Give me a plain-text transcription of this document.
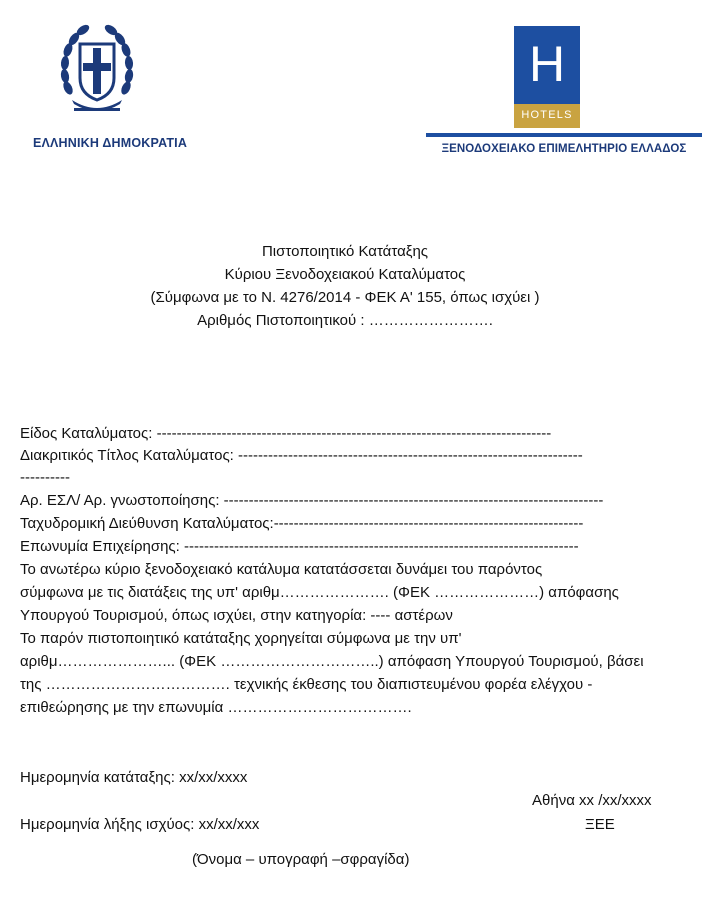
ΕΛΛΗΝΙΚΗ ΔΗΜΟΚΡΑΤΙΑ
H
HOTELS
ΞΕΝΟΔΟΧΕΙΑΚΟ ΕΠΙΜΕΛΗΤΗΡΙΟ ΕΛΛΑΔΟΣ
Πιστοποιητικό Κατάταξης
Κύριου Ξενοδοχειακού Καταλύματος
(Σύμφωνα με το Ν. 4276/2014 - ΦΕΚ Α' 155, όπως ισχύει )
Αριθμός Πιστοποιητικού : …………………….
Είδος Καταλύματος: -------------------------------------------------------------------------------
Διακριτικός Τίτλος Καταλύματος: ---------------------------------------------------------------------
----------
Αρ. ΕΣΛ/ Αρ. γνωστοποίησης: ----------------------------------------------------------------------------
Ταχυδρομική Διεύθυνση Καταλύματος:--------------------------------------------------------------
Επωνυμία Επιχείρησης: -------------------------------------------------------------------------------
Το ανωτέρω κύριο ξενοδοχειακό κατάλυμα κατατάσσεται δυνάμει του παρόντος
σύμφωνα με τις διατάξεις της υπ' αριθμ…………………. (ΦΕΚ …………………) απόφασης
Υπουργού Τουρισμού, όπως ισχύει, στην κατηγορία: ---- αστέρων
Το παρόν πιστοποιητικό κατάταξης χορηγείται σύμφωνα με την υπ'
αριθμ…………………... (ΦΕΚ …………………………..) απόφαση Υπουργού Τουρισμού, βάσει
της ………………………………. τεχνικής έκθεσης του διαπιστευμένου φορέα ελέγχου -
επιθεώρησης με την επωνυμία ……………………………….
Ημερομηνία κατάταξης: xx/xx/xxxx
Αθήνα xx /xx/xxxx
Ημερομηνία λήξης ισχύος: xx/xx/xxx	ΞΕΕ
(Όνομα – υπογραφή –σφραγίδα)
